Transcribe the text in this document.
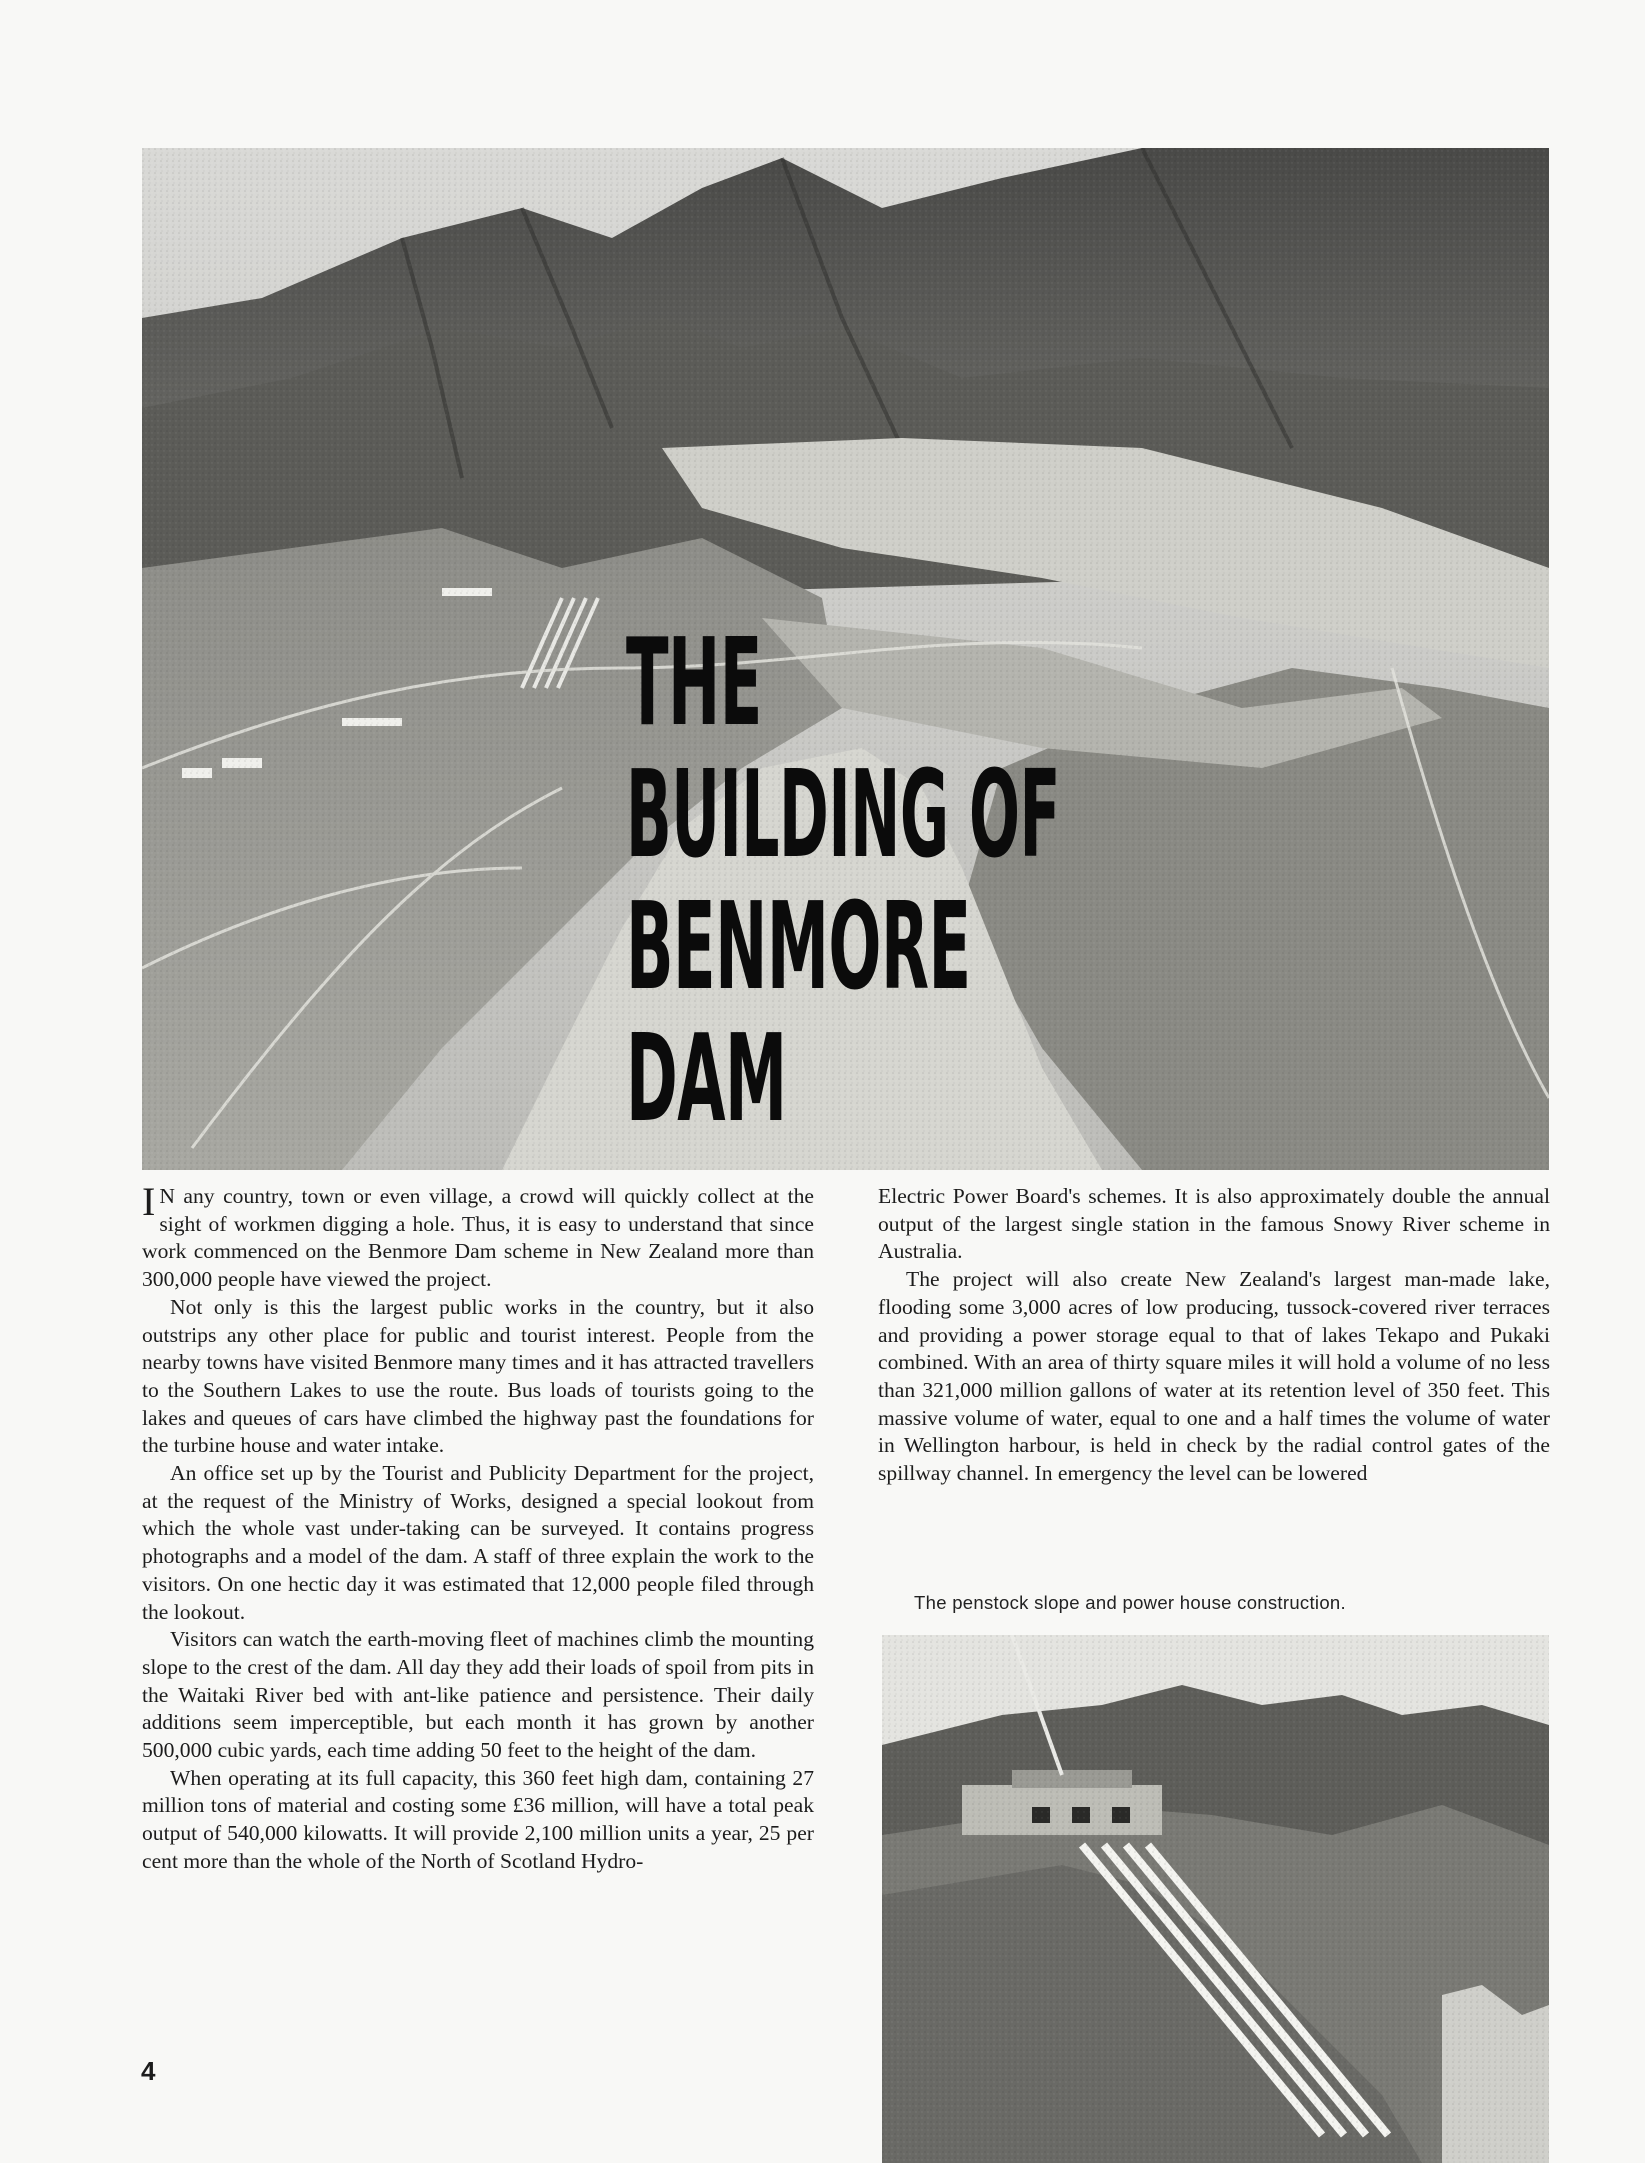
THE
BUILDING OF
BENMORE
DAM

I N any country, town or even village, a crowd will quickly collect at the sight of workmen digging a hole. Thus, it is easy to understand that since work commenced on the Benmore Dam scheme in New Zealand more than 300,000 people have viewed the project.

Not only is this the largest public works in the country, but it also outstrips any other place for public and tourist interest. People from the nearby towns have visited Benmore many times and it has attracted travellers to the Southern Lakes to use the route. Bus loads of tourists going to the lakes and queues of cars have climbed the highway past the foundations for the turbine house and water intake.

An office set up by the Tourist and Publicity Department for the project, at the request of the Ministry of Works, designed a special lookout from which the whole vast under-taking can be surveyed. It contains progress photographs and a model of the dam. A staff of three explain the work to the visitors. On one hectic day it was estimated that 12,000 people filed through the lookout.

Visitors can watch the earth-moving fleet of machines climb the mounting slope to the crest of the dam. All day they add their loads of spoil from pits in the Waitaki River bed with ant-like patience and persistence. Their daily additions seem imperceptible, but each month it has grown by another 500,000 cubic yards, each time adding 50 feet to the height of the dam.

When operating at its full capacity, this 360 feet high dam, containing 27 million tons of material and costing some £36 million, will have a total peak output of 540,000 kilowatts. It will provide 2,100 million units a year, 25 per cent more than the whole of the North of Scotland Hydro-

Electric Power Board's schemes. It is also approximately double the annual output of the largest single station in the famous Snowy River scheme in Australia.

The project will also create New Zealand's largest man-made lake, flooding some 3,000 acres of low producing, tussock-covered river terraces and providing a power storage equal to that of lakes Tekapo and Pukaki combined. With an area of thirty square miles it will hold a volume of no less than 321,000 million gallons of water at its retention level of 350 feet. This massive volume of water, equal to one and a half times the volume of water in Wellington harbour, is held in check by the radial control gates of the spillway channel. In emergency the level can be lowered

The penstock slope and power house construction.
4
